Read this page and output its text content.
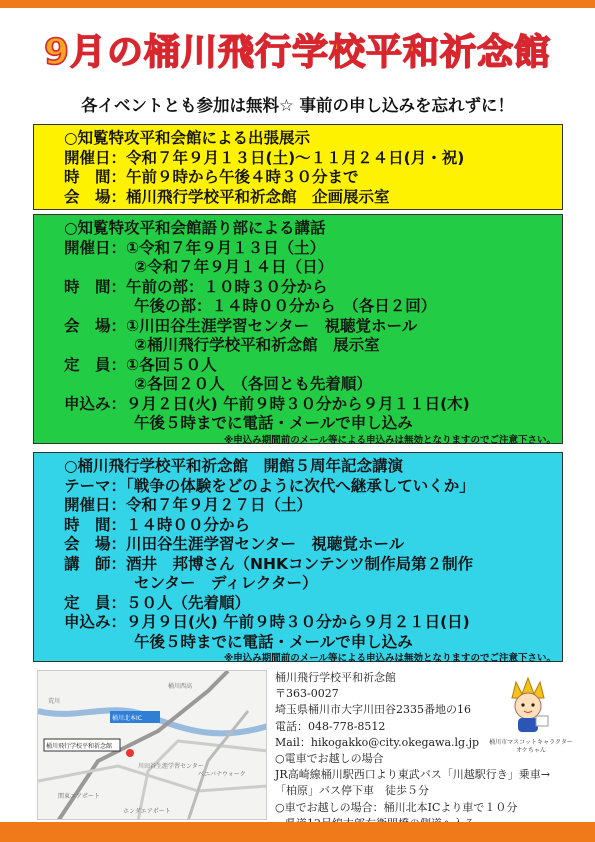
9月の桶川飛行学校平和祈念館
各イベントとも参加は無料☆ 事前の申し込みを忘れずに！
○知覧特攻平和会館による出張展示
開催日：令和７年９月１３日(土)～１１月２４日(月・祝)
時　間：午前９時から午後４時３０分まで
会　場：桶川飛行学校平和祈念館　企画展示室
○知覧特攻平和会館語り部による講話
開催日：①令和７年９月１３日（土）
②令和７年９月１４日（日）
時　間：午前の部：１０時３０分から
午後の部：１４時００分から　（各日２回）
会　場：①川田谷生涯学習センター　視聴覚ホール
②桶川飛行学校平和祈念館　展示室
定　員：①各回５０人
②各回２０人　（各回とも先着順）
申込み：９月２日(火) 午前９時３０分から９月１１日(木)
午後５時までに電話・メールで申し込み
※申込み期間前のメール等による申込みは無効となりますのでご注意下さい。
○桶川飛行学校平和祈念館　開館５周年記念講演
テーマ：「戦争の体験をどのように次代へ継承していくか」
開催日：令和７年９月２７日（土）
時　間：１４時００分から
会　場：川田谷生涯学習センター　視聴覚ホール
講　師：酒井　邦博さん（NHKコンテンツ制作局第２制作
センター　ディレクター）
定　員：５０人（先着順）
申込み：９月９日(火) 午前９時３０分から９月２１日(日)
午後５時までに電話・メールで申し込み
※申込み期間前のメール等による申込みは無効となりますのでご注意下さい。
桶川北本IC
桶川飛行学校平和祈念館
川田谷生涯学習センター
桶川西高
荒川
ベニバナウォーク
関東エアポート
ホンダエアポート
桶川飛行学校平和祈念館
〒363-0027
埼玉県桶川市大字川田谷2335番地の16
電話：048-778-8512
Mail：hikogakko@city.okegawa.lg.jp
○電車でお越しの場合
JR高崎線桶川駅西口より東武バス「川越駅行き」乗車→
「柏原」バス停下車　徒歩５分
○車でお越しの場合：桶川北本ICより車で１０分
桶川市マスコットキャラクター
オケちゃん
